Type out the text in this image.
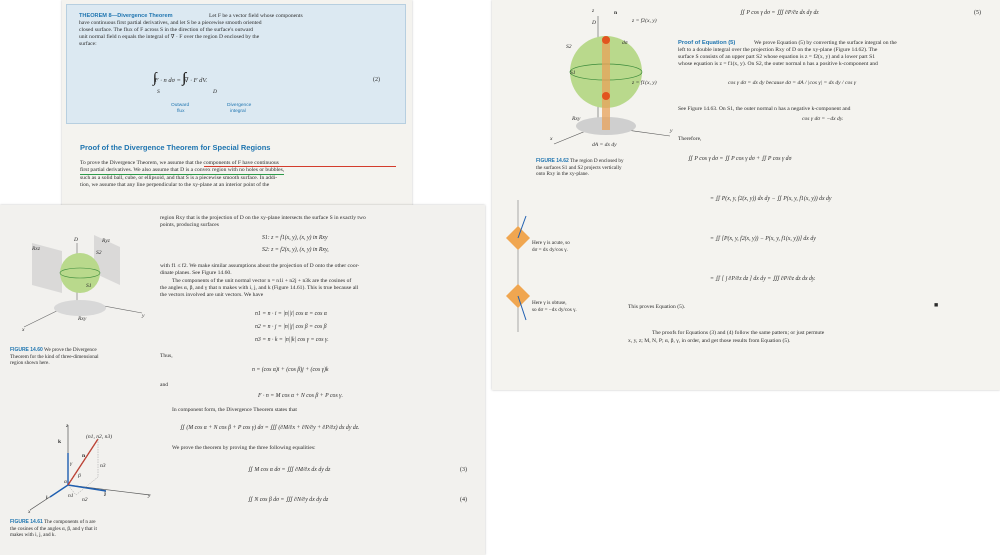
THEOREM 8—Divergence Theorem	Let F be a vector field whose components
have continuous first partial derivatives, and let S be a piecewise smooth oriented
closed surface. The flux of F across S in the direction of the surface's outward
unit normal field n equals the integral of ∇ · F over the region D enclosed by the
surface:
F · n dσ = ∇ · F dV.
S	D
(2)
Outward
flux
Divergence
integral
Proof of the Divergence Theorem for Special Regions
To prove the Divergence Theorem, we assume that the components of F have continuous
first partial derivatives. We also assume that D is a convex region with no holes or bubbles,
such as a solid ball, cube, or ellipsoid, and that S is a piecewise smooth surface. In addi-
tion, we assume that any line perpendicular to the xy-plane at an interior point of the
D
Rxz
Ryz
S2
S1
Rxy
x
y
FIGURE 14.60 We prove the Divergence
Theorem for the kind of three-dimensional
region shown here.
k
(n1, n2, n3)
n
γ
β
α
j
i
x
y
z
n3
n2
n1
FIGURE 14.61 The components of n are
the cosines of the angles α, β, and γ that it
makes with i, j, and k.
region Rxy that is the projection of D on the xy-plane intersects the surface S in exactly two
points, producing surfaces
S1: z = f1(x, y), (x, y) in Rxy
S2: z = f2(x, y), (x, y) in Rxy,
with f1 ≤ f2. We make similar assumptions about the projection of D onto the other coor-
dinate planes. See Figure 14.60.
The components of the unit normal vector n = n1i + n2j + n3k are the cosines of
the angles α, β, and γ that n makes with i, j, and k (Figure 14.61). This is true because all
the vectors involved are unit vectors. We have
n1 = n · i = |n||i| cos α = cos α
n2 = n · j = |n||j| cos β = cos β
n3 = n · k = |n||k| cos γ = cos γ.
Thus,
n = (cos α)i + (cos β)j + (cos γ)k
and
F · n = M cos α + N cos β + P cos γ.
In component form, the Divergence Theorem states that
∬ (M cos α + N cos β + P cos γ) dσ = ∭ (∂M/∂x + ∂N/∂y + ∂P/∂z) dx dy dz.
We prove the theorem by proving the three following equalities:
∬ M cos α dσ = ∭ ∂M/∂x dx dy dz	(3)
∬ N cos β dσ = ∭ ∂N/∂y dx dy dz	(4)
z = f2(x, y)
z = f1(x, y)
D
S2
S1
dσ
Rxy
dA = dx dy
x
y
z	n
FIGURE 14.62 The region D enclosed by
the surfaces S1 and S2 projects vertically
onto Rxy in the xy-plane.
Here γ is acute, so
dσ = dx dy/cos γ.
Here γ is obtuse,
so dσ = −dx dy/cos γ.
∬ P cos γ dσ = ∭ ∂P/∂z dx dy dz	(5)
Proof of Equation (5)	We prove Equation (5) by converting the surface integral on the
left to a double integral over the projection Rxy of D on the xy-plane (Figure 14.62). The
surface S consists of an upper part S2 whose equation is z = f2(x, y) and a lower part S1
whose equation is z = f1(x, y). On S2, the outer normal n has a positive k-component and
cos γ dσ = dx dy because dσ = dA / |cos γ| = dx dy / cos γ
See Figure 14.63. On S1, the outer normal n has a negative k-component and
cos γ dσ = −dx dy.
Therefore,
∬ P cos γ dσ = ∬ P cos γ dσ + ∬ P cos γ dσ
= ∬ P(x, y, f2(x, y)) dx dy − ∬ P(x, y, f1(x, y)) dx dy
= ∬ [P(x, y, f2(x, y)) − P(x, y, f1(x, y))] dx dy
= ∬ [ ∫ ∂P/∂z dz ] dx dy = ∭ ∂P/∂z dz dx dy.
This proves Equation (5).	■
The proofs for Equations (3) and (4) follow the same pattern; or just permute
x, y, z; M, N, P; α, β, γ, in order, and get those results from Equation (5).
